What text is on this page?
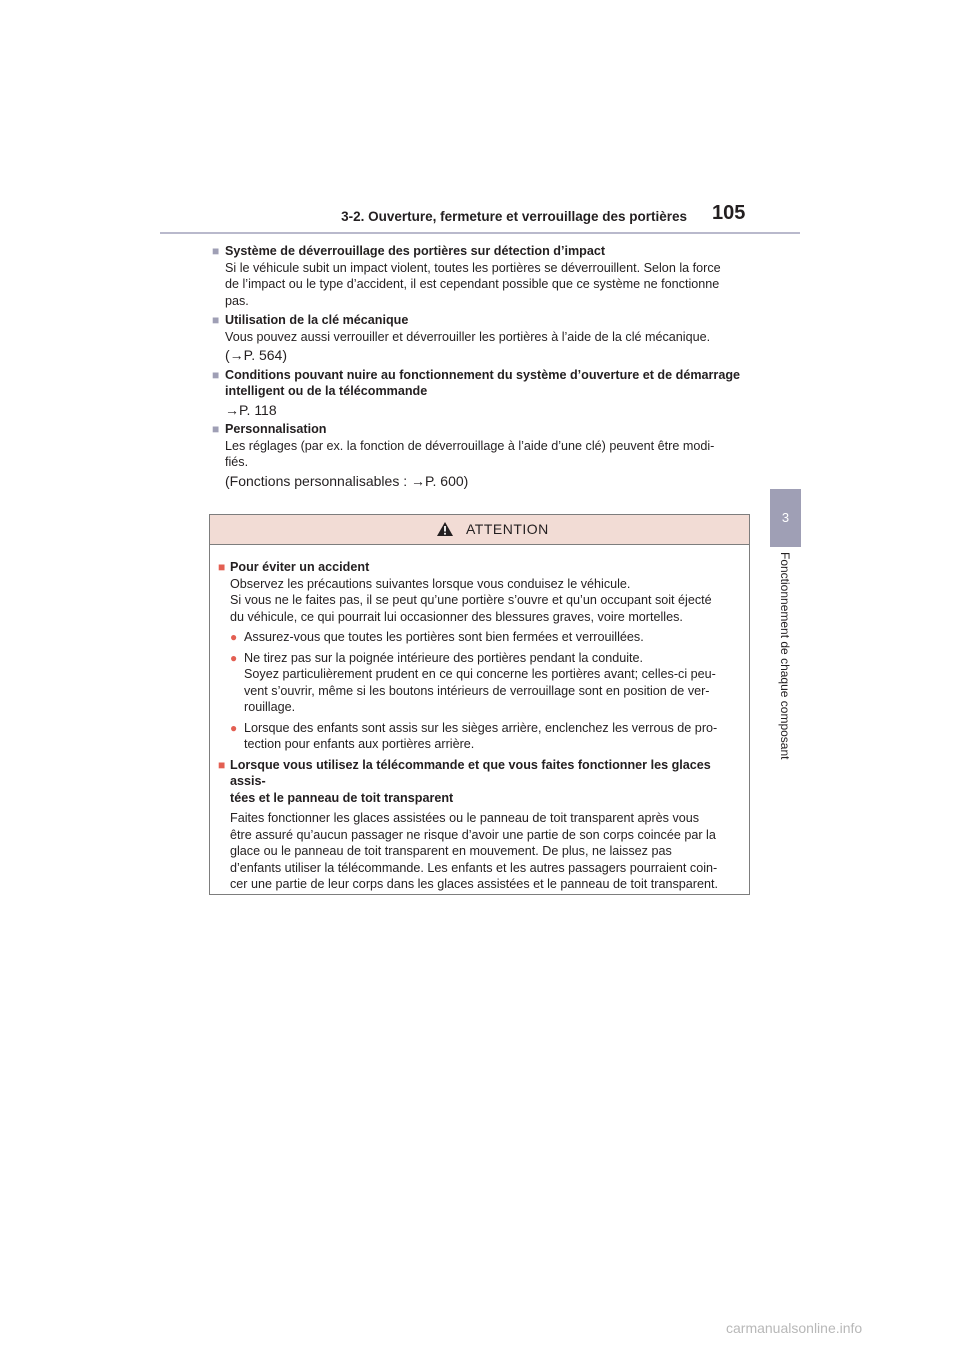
3-2. Ouverture, fermeture et verrouillage des portières 105
3
Fonctionnement de chaque composant
■ Système de déverrouillage des portières sur détection d’impact

Si le véhicule subit un impact violent, toutes les portières se déverrouillent. Selon la force

de l’impact ou le type d’accident, il est cependant possible que ce système ne fonctionne

pas.

■ Utilisation de la clé mécanique

Vous pouvez aussi verrouiller et déverrouiller les portières à l’aide de la clé mécanique.

(→P. 564)

■ Conditions pouvant nuire au fonctionnement du système d’ouverture et de démarrage
intelligent ou de la télécommande

→P. 118

■ Personnalisation

Les réglages (par ex. la fonction de déverrouillage à l’aide d’une clé) peuvent être modi-

fiés.

(Fonctions personnalisables : →P. 600)

ATTENTION
■ Pour éviter un accident

Observez les précautions suivantes lorsque vous conduisez le véhicule.

Si vous ne le faites pas, il se peut qu’une portière s’ouvre et qu’un occupant soit éjecté

du véhicule, ce qui pourrait lui occasionner des blessures graves, voire mortelles.

● Assurez-vous que toutes les portières sont bien fermées et verrouillées.
● Ne tirez pas sur la poignée intérieure des portières pendant la conduite.
Soyez particulièrement prudent en ce qui concerne les portières avant; celles-ci peu-
vent s’ouvrir, même si les boutons intérieurs de verrouillage sont en position de ver-
rouillage.
● Lorsque des enfants sont assis sur les sièges arrière, enclenchez les verrous de pro-
tection pour enfants aux portières arrière.
■ Lorsque vous utilisez la télécommande et que vous faites fonctionner les glaces assis-
tées et le panneau de toit transparent

Faites fonctionner les glaces assistées ou le panneau de toit transparent après vous

être assuré qu’aucun passager ne risque d’avoir une partie de son corps coincée par la

glace ou le panneau de toit transparent en mouvement. De plus, ne laissez pas

d’enfants utiliser la télécommande. Les enfants et les autres passagers pourraient coin-

cer une partie de leur corps dans les glaces assistées et le panneau de toit transparent.

carmanualsonline.info
